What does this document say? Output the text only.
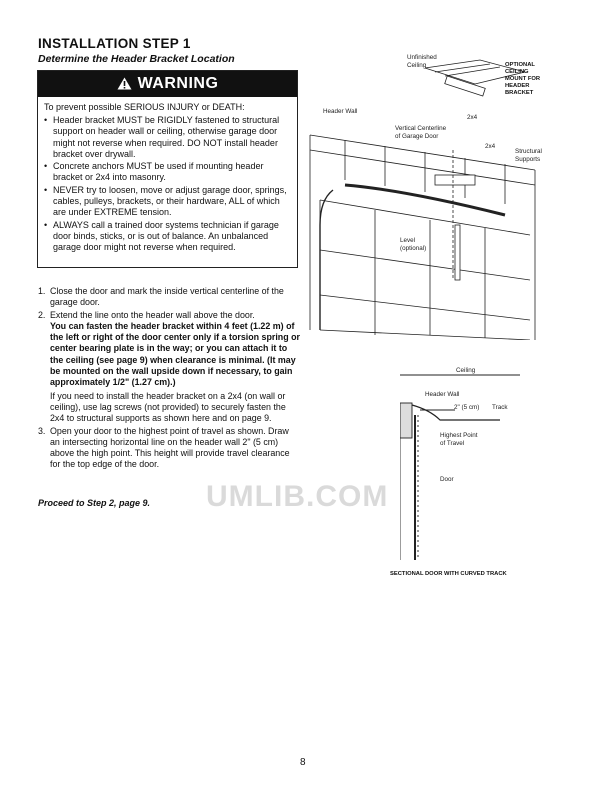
INSTALLATION STEP 1
Determine the Header Bracket Location
WARNING
To prevent possible SERIOUS INJURY or DEATH:
• Header bracket MUST be RIGIDLY fastened to structural support on header wall or ceiling, otherwise garage door might not reverse when required. DO NOT install header bracket over drywall.
• Concrete anchors MUST be used if mounting header bracket or 2x4 into masonry.
• NEVER try to loosen, move or adjust garage door, springs, cables, pulleys, brackets, or their hardware, ALL of which are under EXTREME tension.
• ALWAYS call a trained door systems technician if garage door binds, sticks, or is out of balance. An unbalanced garage door might not reverse when required.
1. Close the door and mark the inside vertical centerline of the garage door.
2. Extend the line onto the header wall above the door.
You can fasten the header bracket within 4 feet (1.22 m) of the left or right of the door center only if a torsion spring or center bearing plate is in the way; or you can attach it to the ceiling (see page 9) when clearance is minimal. (It may be mounted on the wall upside down if necessary, to gain approximately 1/2" (1.27 cm).)
If you need to install the header bracket on a 2x4 (on wall or ceiling), use lag screws (not provided) to securely fasten the 2x4 to structural supports as shown here and on page 9.
3. Open your door to the highest point of travel as shown. Draw an intersecting horizontal line on the header wall 2" (5 cm) above the high point. This height will provide travel clearance for the top edge of the door.
Proceed to Step 2, page 9.
Unfinished Ceiling	OPTIONAL CEILING MOUNT FOR HEADER BRACKET
2x4
Header Wall
Vertical Centerline of Garage Door
2x4
Structural Supports
Level (optional)
Ceiling
Header Wall
2" (5 cm) Track
Highest Point of Travel
Door
SECTIONAL DOOR WITH CURVED TRACK
UMLIB.COM
8
